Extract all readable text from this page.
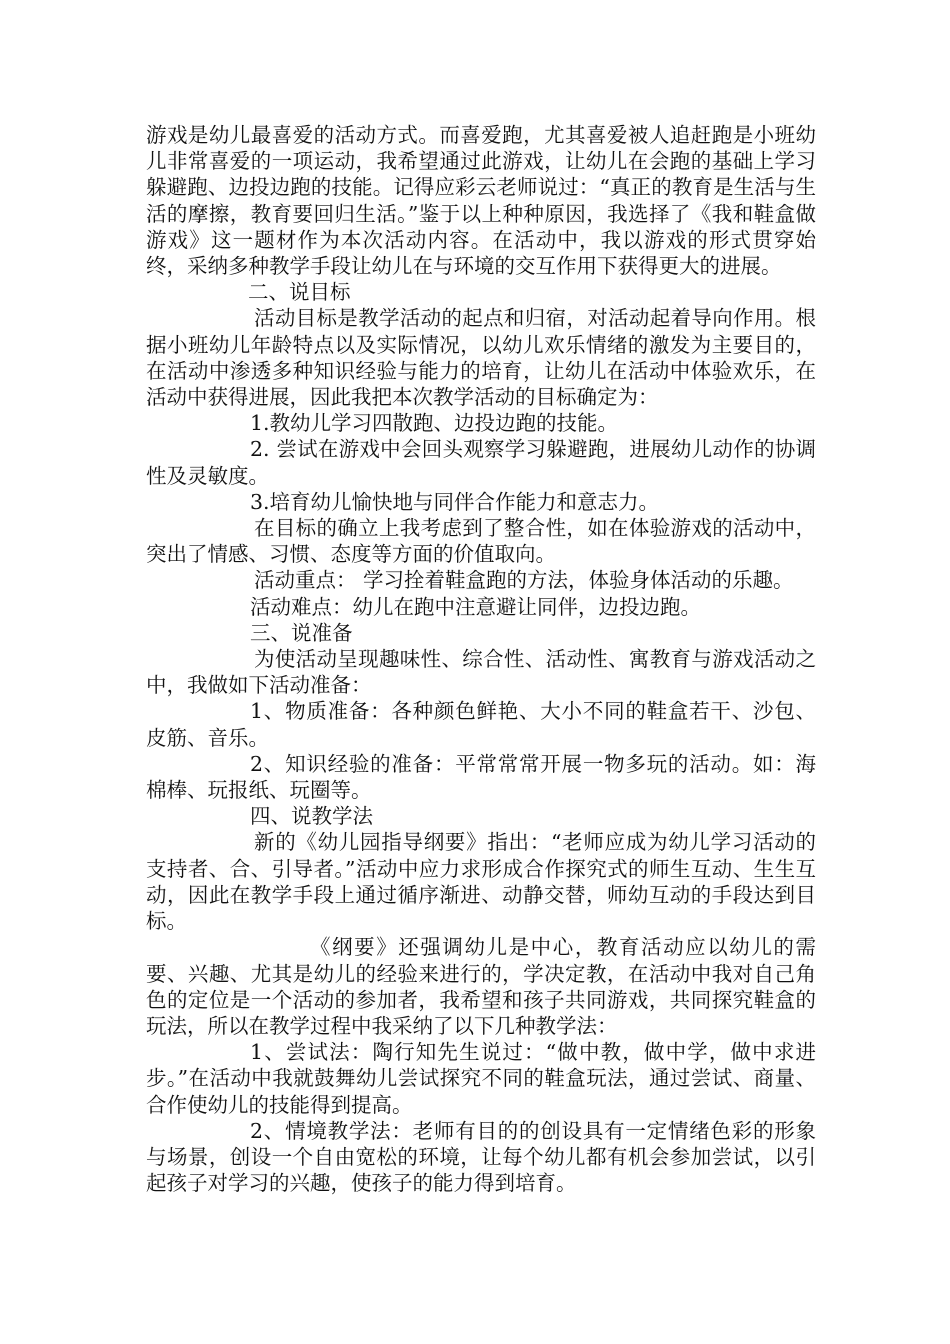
游戏是幼儿最喜爱的活动方式。而喜爱跑，尤其喜爱被人追赶跑是小班幼儿非常喜爱的一项运动，我希望通过此游戏，让幼儿在会跑的基础上学习躲避跑、边投边跑的技能。记得应彩云老师说过：“真正的教育是生活与生活的摩擦，教育要回归生活。”鉴于以上种种原因，我选择了《我和鞋盒做游戏》这一题材作为本次活动内容。在活动中，我以游戏的形式贯穿始终，采纳多种教学手段让幼儿在与环境的交互作用下获得更大的进展。

二、说目标

活动目标是教学活动的起点和归宿，对活动起着导向作用。根据小班幼儿年龄特点以及实际情况，以幼儿欢乐情绪的激发为主要目的，在活动中渗透多种知识经验与能力的培育，让幼儿在活动中体验欢乐，在活动中获得进展，因此我把本次教学活动的目标确定为：

1.教幼儿学习四散跑、边投边跑的技能。

2. 尝试在游戏中会回头观察学习躲避跑，进展幼儿动作的协调性及灵敏度。

3.培育幼儿愉快地与同伴合作能力和意志力。

在目标的确立上我考虑到了整合性，如在体验游戏的活动中，突出了情感、习惯、态度等方面的价值取向。

活动重点： 学习拴着鞋盒跑的方法，体验身体活动的乐趣。

活动难点：幼儿在跑中注意避让同伴，边投边跑。

三、说准备

为使活动呈现趣味性、综合性、活动性、寓教育与游戏活动之中，我做如下活动准备：

1、物质准备：各种颜色鲜艳、大小不同的鞋盒若干、沙包、皮筋、音乐。

2、知识经验的准备：平常常常开展一物多玩的活动。如：海棉棒、玩报纸、玩圈等。

四、说教学法

新的《幼儿园指导纲要》指出：“老师应成为幼儿学习活动的支持者、合、引导者。”活动中应力求形成合作探究式的师生互动、生生互动，因此在教学手段上通过循序渐进、动静交替，师幼互动的手段达到目标。

《纲要》还强调幼儿是中心，教育活动应以幼儿的需要、兴趣、尤其是幼儿的经验来进行的，学决定教，在活动中我对自己角色的定位是一个活动的参加者，我希望和孩子共同游戏，共同探究鞋盒的玩法，所以在教学过程中我采纳了以下几种教学法：

1、尝试法：陶行知先生说过：“做中教，做中学，做中求进步。”在活动中我就鼓舞幼儿尝试探究不同的鞋盒玩法，通过尝试、商量、合作使幼儿的技能得到提高。

2、情境教学法：老师有目的的创设具有一定情绪色彩的形象与场景，创设一个自由宽松的环境，让每个幼儿都有机会参加尝试，以引起孩子对学习的兴趣，使孩子的能力得到培育。
